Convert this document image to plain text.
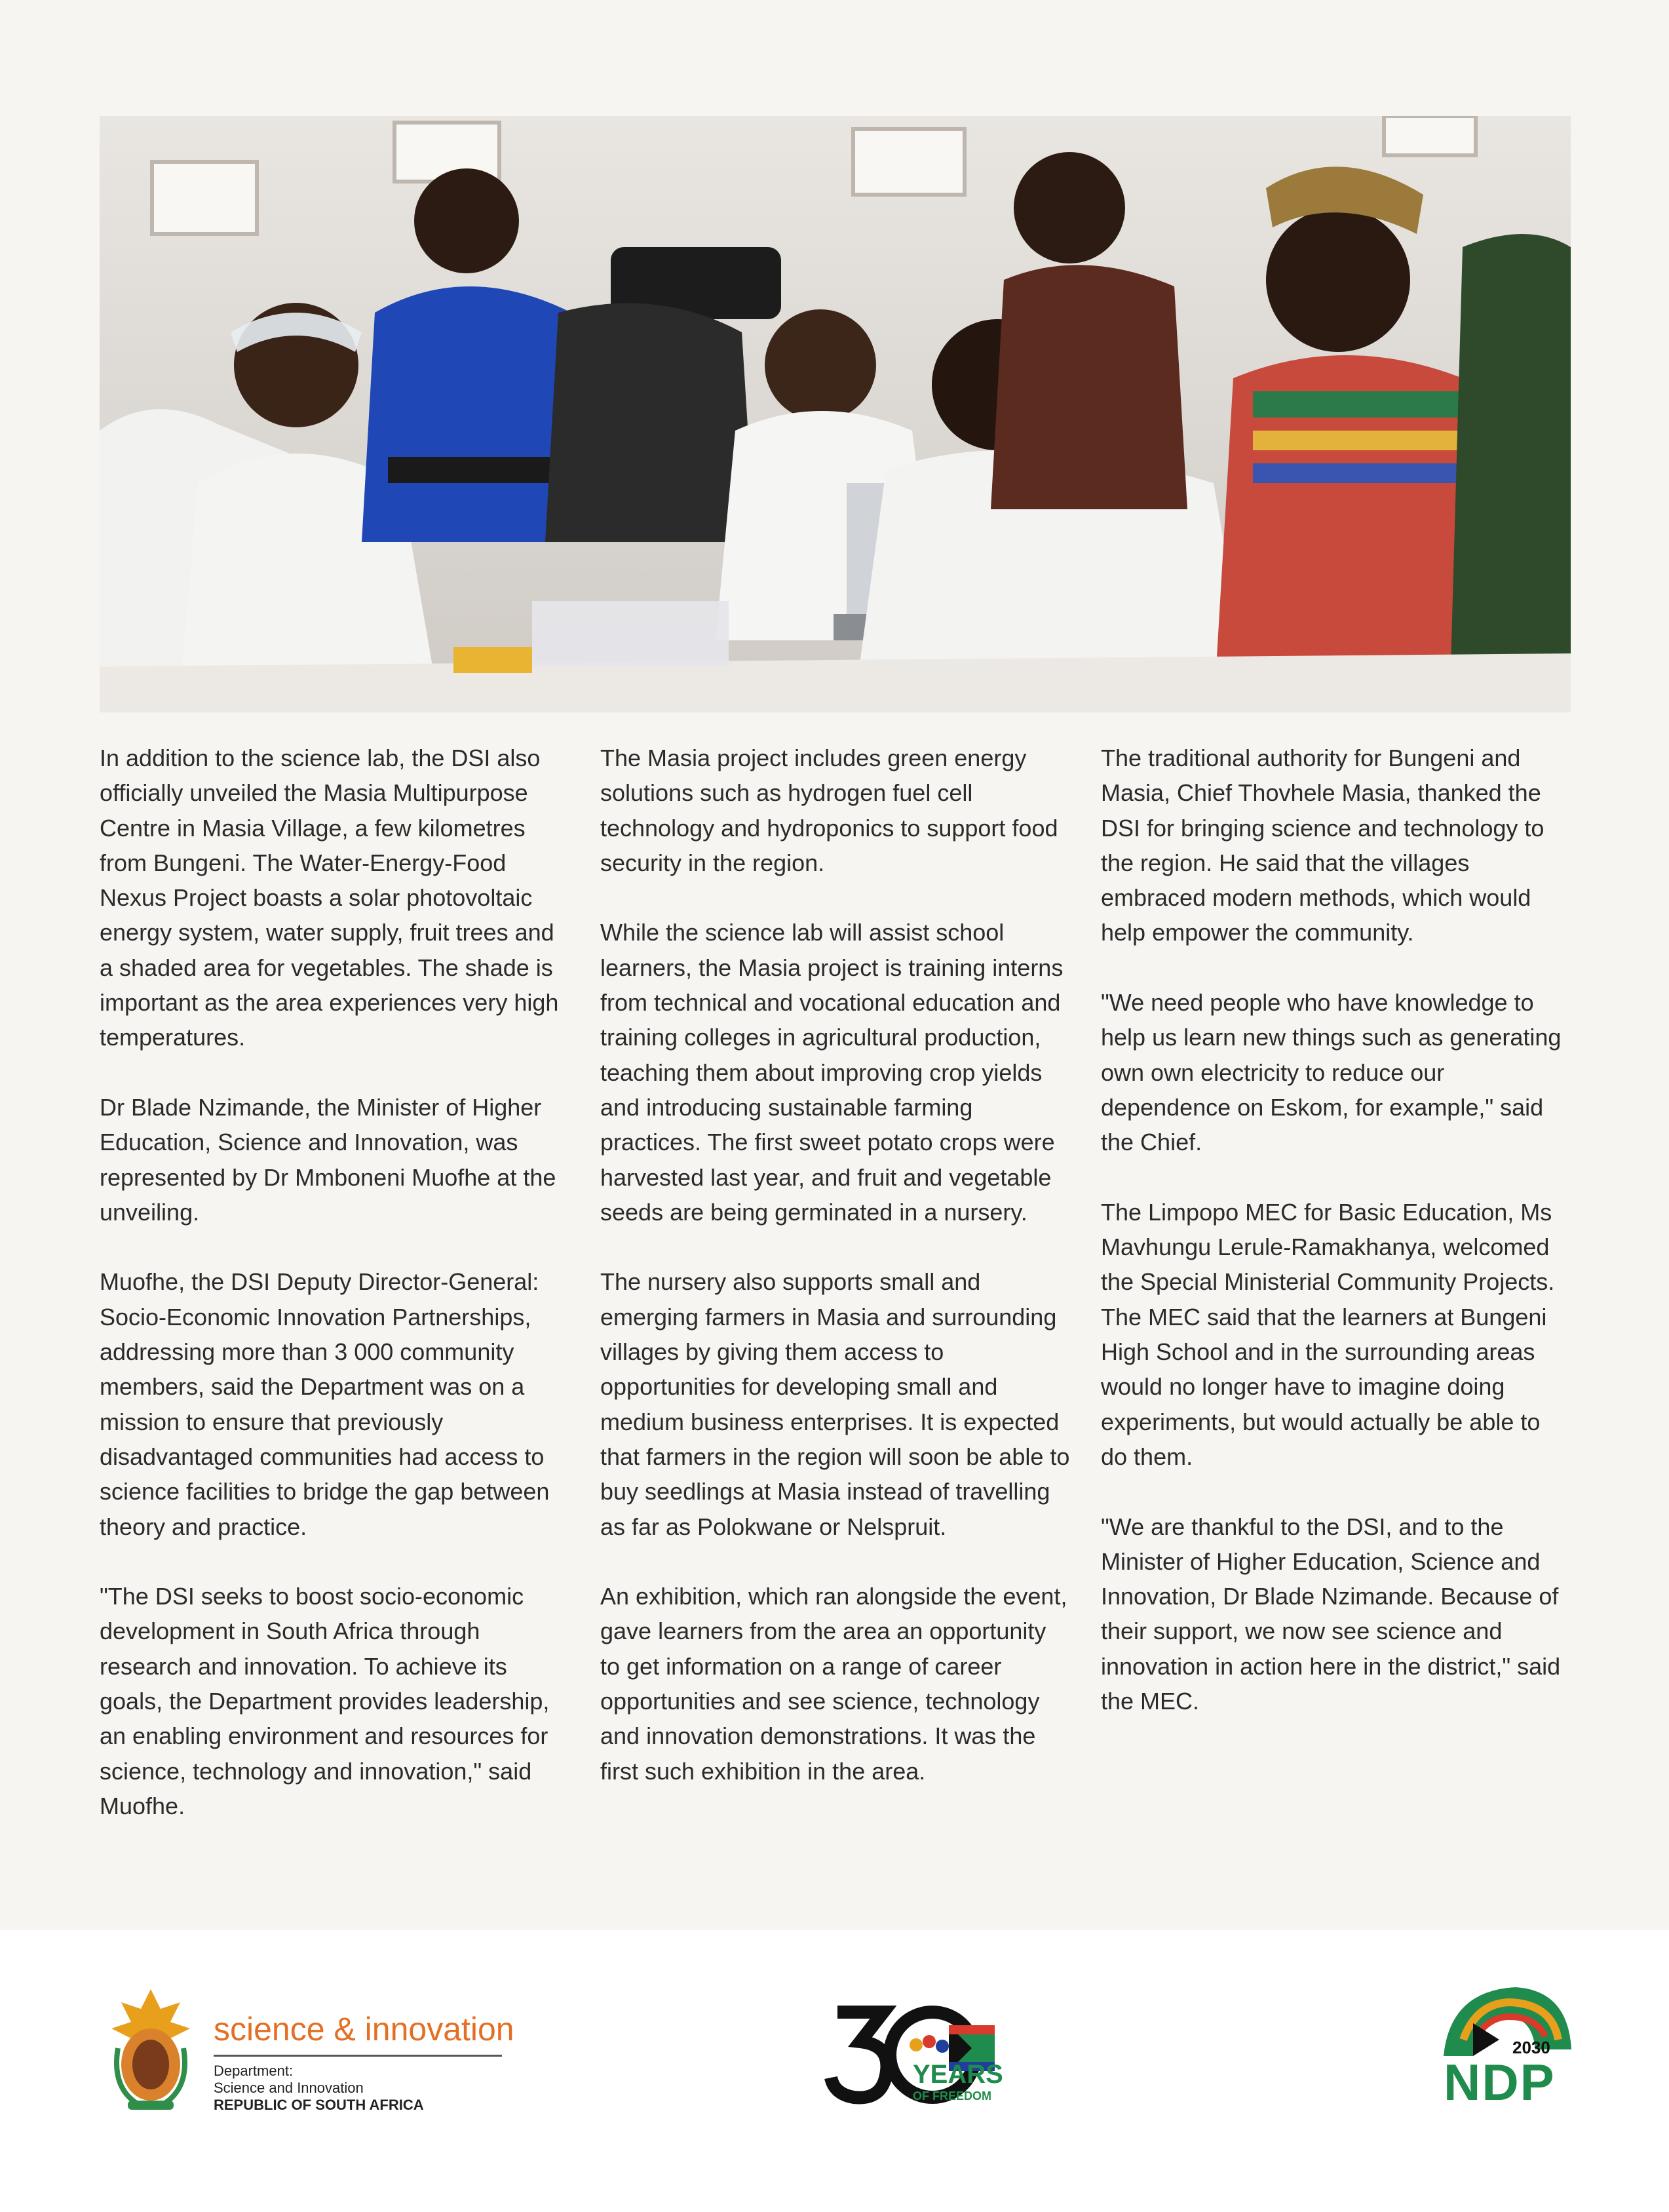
In addition to the science lab, the DSI also officially unveiled the Masia Multipurpose Centre in Masia Village, a few kilometres from Bungeni. The Water-Energy-Food Nexus Project boasts a solar photovoltaic energy system, water supply, fruit trees and a shaded area for vegetables. The shade is important as the area experiences very high temperatures.

Dr Blade Nzimande, the Minister of Higher Education, Science and Innovation, was represented by Dr Mmboneni Muofhe at the unveiling.

Muofhe, the DSI Deputy Director-General: Socio-Economic Innovation Partnerships, addressing more than 3 000 community members, said the Department was on a mission to ensure that previously disadvantaged communities had access to science facilities to bridge the gap between theory and practice.

"The DSI seeks to boost socio-economic development in South Africa through research and innovation. To achieve its goals, the Department provides leadership, an enabling environment and resources for science, technology and innovation," said Muofhe.

The Masia project includes green energy solutions such as hydrogen fuel cell technology and hydroponics to support food security in the region.

While the science lab will assist school learners, the Masia project is training interns from technical and vocational education and training colleges in agricultural production, teaching them about improving crop yields and introducing sustainable farming practices. The first sweet potato crops were harvested last year, and fruit and vegetable seeds are being germinated in a nursery.

The nursery also supports small and emerging farmers in Masia and surrounding villages by giving them access to opportunities for developing small and medium business enterprises. It is expected that farmers in the region will soon be able to buy seedlings at Masia instead of travelling as far as Polokwane or Nelspruit.

An exhibition, which ran alongside the event, gave learners from the area an opportunity to get information on a range of career opportunities and see science, technology and innovation demonstrations. It was the first such exhibition in the area.

The traditional authority for Bungeni and Masia, Chief Thovhele Masia, thanked the DSI for bringing science and technology to the region. He said that the villages embraced modern methods, which would help empower the community.

"We need people who have knowledge to help us learn new things such as generating own own electricity to reduce our dependence on Eskom, for example," said the Chief.

The Limpopo MEC for Basic Education, Ms Mavhungu Lerule-Ramakhanya, welcomed the Special Ministerial Community Projects. The MEC said that the learners at Bungeni High School and in the surrounding areas would no longer have to imagine doing experiments, but would actually be able to do them.

"We are thankful to the DSI, and to the Minister of Higher Education, Science and Innovation, Dr Blade Nzimande. Because of their support, we now see science and innovation in action here in the district," said the MEC.

science & innovation
Department:
Science and Innovation
REPUBLIC OF SOUTH AFRICA
YEARS
OF FREEDOM
2030
NDP
